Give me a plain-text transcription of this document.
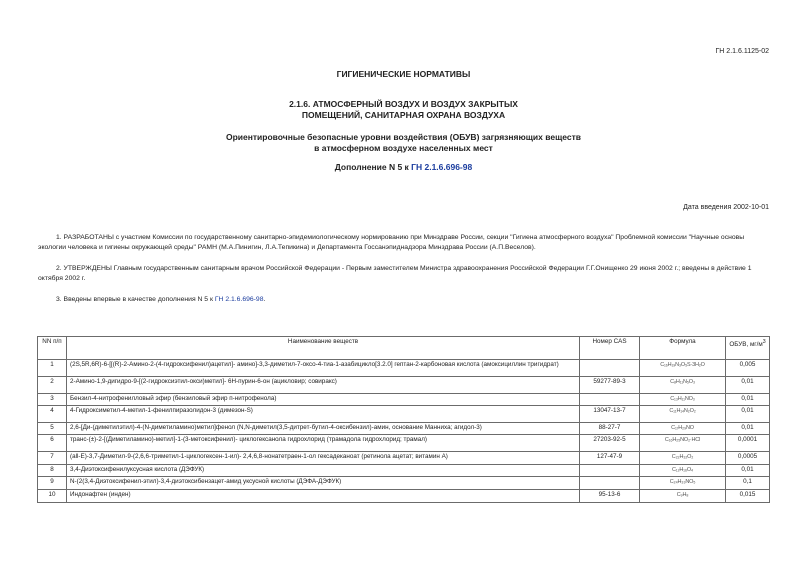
ГН 2.1.6.1125-02
ГИГИЕНИЧЕСКИЕ НОРМАТИВЫ
2.1.6. АТМОСФЕРНЫЙ ВОЗДУХ И ВОЗДУХ ЗАКРЫТЫХ
ПОМЕЩЕНИЙ, САНИТАРНАЯ ОХРАНА ВОЗДУХА
Ориентировочные безопасные уровни воздействия (ОБУВ) загрязняющих веществ
в атмосферном воздухе населенных мест
Дополнение N 5 к ГН 2.1.6.696-98
Дата введения 2002-10-01
1. РАЗРАБОТАНЫ с участием Комиссии по государственному санитарно-эпидемиологическому нормированию при Минздраве России, секции "Гигиена атмосферного воздуха" Проблемной комиссии "Научные основы экологии человека и гигиены окружающей среды" РАМН (М.А.Пинигин, Л.А.Тепикина) и Департамента Госсанэпиднадзора Минздрава России (А.П.Веселов).
2. УТВЕРЖДЕНЫ Главным государственным санитарным врачом Российской Федерации - Первым заместителем Министра здравоохранения Российской Федерации Г.Г.Онищенко 29 июня 2002 г.; введены в действие 1 октября 2002 г.
3. Введены впервые в качестве дополнения N 5 к ГН 2.1.6.696-98.
NN п/п	Наименование веществ	Номер CAS	Формула	ОБУВ, $мг/м^3$
1	(2S,5R,6R)-6-[[(R)-2-Амино-2-(4-гидроксифенил)ацетил]- амино]-3,3-диметил-7-оксо-4-тиа-1-азабицикло[3.2.0] гептан-2-карбоновая кислота (амоксициллин тригидрат)		C₁₆H₁₉N₃O₅S·3H₂O	0,005
2	2-Амино-1,9-дигидро-9-[(2-гидроксиэтил-окси)метил]- 6Н-пурин-6-он (ацикловир; совиракс)	59277-89-3	C₈H₁₁N₅O₃	0,01
3	Бензил-4-нитрофенилловый эфир (бензиловый эфир п-нитрофенола)		C₁₃H₁₁NO₃	0,01
4	4-Гидроксиметил-4-метил-1-фенилпиразолидон-3 (димезон-S)	13047-13-7	C₁₁H₁₄N₂O₂	0,01
5	2,6-[Ди-(диметилэтил)-4-(N-диметиламино)метил]фенол (N,N-диметил(3,5-дитрет-бутил-4-оксибензил)-амин, основание Манниха; агидол-3)	88-27-7	C₁₇H₂₉NO	0,01
6	транс-(±)-2-[(Диметиламино)-метил]-1-(3-метоксифенил)- циклогексанола гидрохлорид (трамадола гидрохлорид; трамал)	27203-92-5	C₁₆H₂₅NO₂·HCl	0,0001
7	(all-E)-3,7-Диметил-9-(2,6,6-триметил-1-циклогексен-1-ил)- 2,4,6,8-нонатетраен-1-ол гексадеканоат (ретинола ацетат; витамин А)	127-47-9	C₂₂H₃₂O₂	0,0005
8	3,4-Диэтоксифенилуксусная кислота (ДЭФУК)		C₁₂H₁₆O₄	0,01
9	N-(2(3,4-Диэтоксифенил-этил)-3,4-диэтоксибензацет-амид уксусной кислоты (ДЭФА-ДЭФУК)		C₂₄H₃₃NO₅	0,1
10	Индонафтен (инден)	95-13-6	C₉H₈	0,015
